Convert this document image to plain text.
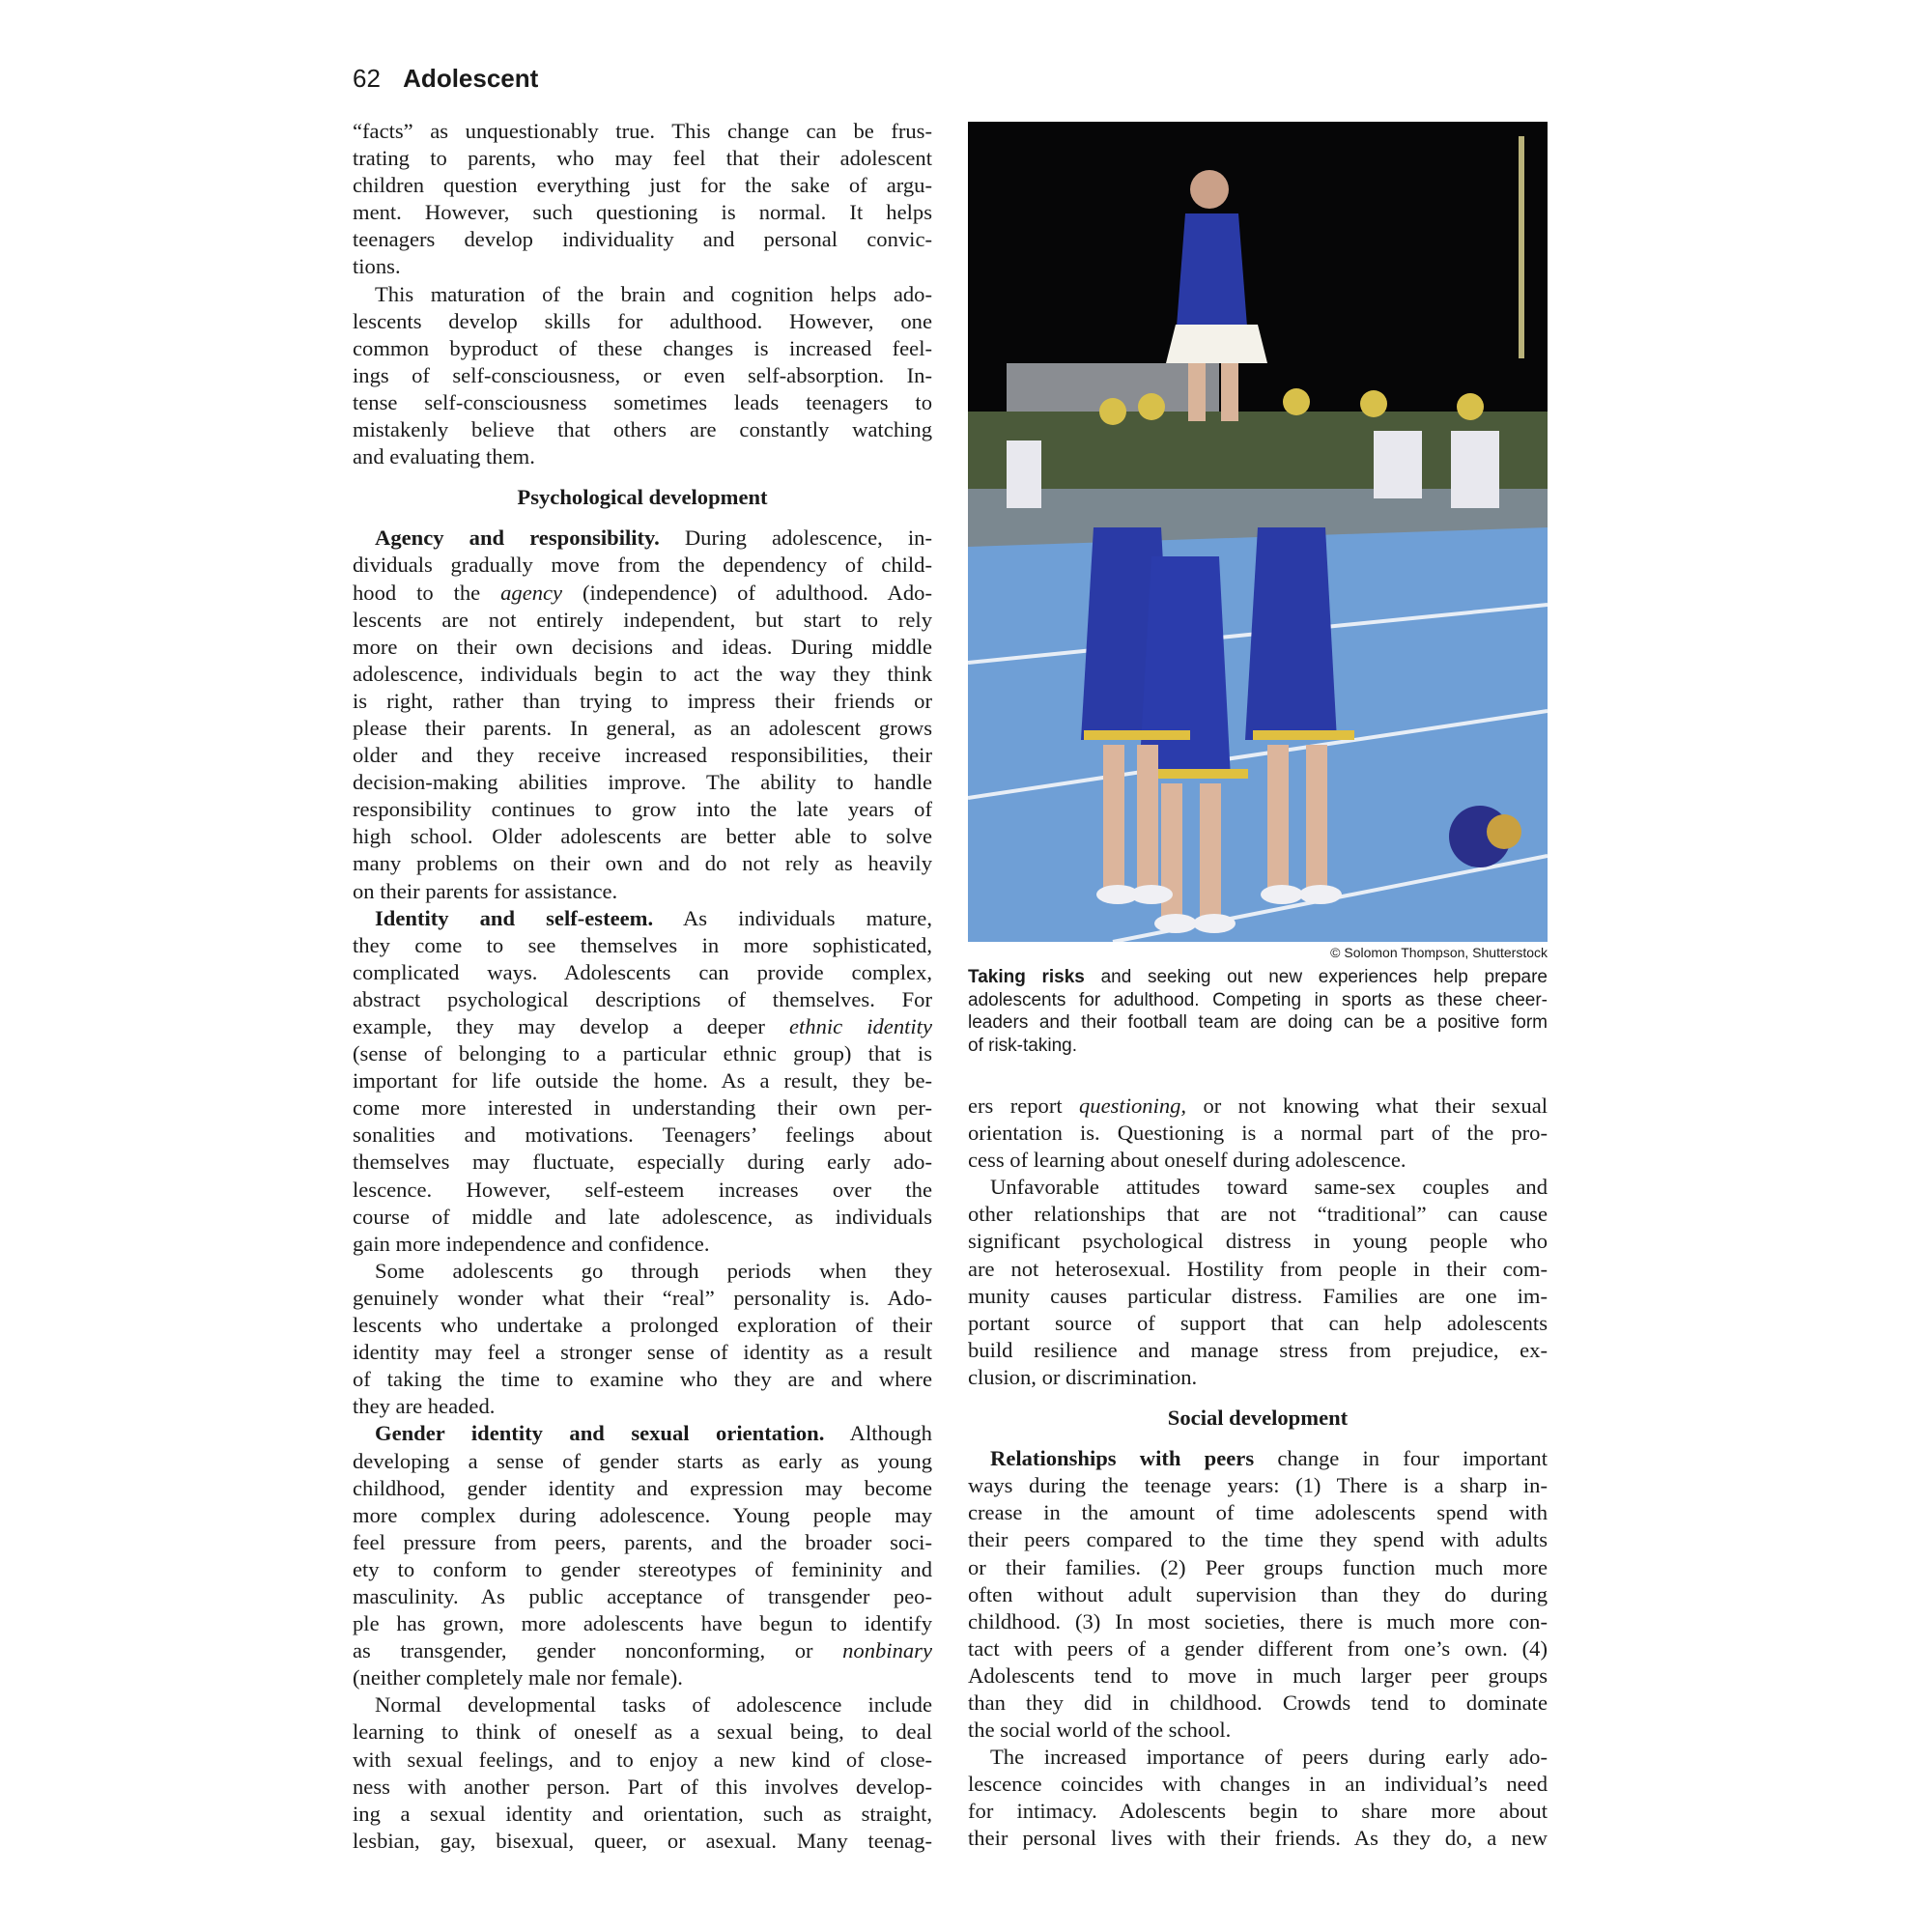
62 Adolescent
“facts” as unquestionably true. This change can be frus-
trating to parents, who may feel that their adolescent
children question everything just for the sake of argu-
ment. However, such questioning is normal. It helps
teenagers develop individuality and personal convic-
tions.
This maturation of the brain and cognition helps ado-
lescents develop skills for adulthood. However, one
common byproduct of these changes is increased feel-
ings of self-consciousness, or even self-absorption. In-
tense self-consciousness sometimes leads teenagers to
mistakenly believe that others are constantly watching
and evaluating them.
Psychological development
Agency and responsibility. During adolescence, in-
dividuals gradually move from the dependency of child-
hood to the agency (independence) of adulthood. Ado-
lescents are not entirely independent, but start to rely
more on their own decisions and ideas. During middle
adolescence, individuals begin to act the way they think
is right, rather than trying to impress their friends or
please their parents. In general, as an adolescent grows
older and they receive increased responsibilities, their
decision-making abilities improve. The ability to handle
responsibility continues to grow into the late years of
high school. Older adolescents are better able to solve
many problems on their own and do not rely as heavily
on their parents for assistance.
Identity and self-esteem. As individuals mature,
they come to see themselves in more sophisticated,
complicated ways. Adolescents can provide complex,
abstract psychological descriptions of themselves. For
example, they may develop a deeper ethnic identity
(sense of belonging to a particular ethnic group) that is
important for life outside the home. As a result, they be-
come more interested in understanding their own per-
sonalities and motivations. Teenagers’ feelings about
themselves may fluctuate, especially during early ado-
lescence. However, self-esteem increases over the
course of middle and late adolescence, as individuals
gain more independence and confidence.
Some adolescents go through periods when they
genuinely wonder what their “real” personality is. Ado-
lescents who undertake a prolonged exploration of their
identity may feel a stronger sense of identity as a result
of taking the time to examine who they are and where
they are headed.
Gender identity and sexual orientation. Although
developing a sense of gender starts as early as young
childhood, gender identity and expression may become
more complex during adolescence. Young people may
feel pressure from peers, parents, and the broader soci-
ety to conform to gender stereotypes of femininity and
masculinity. As public acceptance of transgender peo-
ple has grown, more adolescents have begun to identify
as transgender, gender nonconforming, or nonbinary
(neither completely male nor female).
Normal developmental tasks of adolescence include
learning to think of oneself as a sexual being, to deal
with sexual feelings, and to enjoy a new kind of close-
ness with another person. Part of this involves develop-
ing a sexual identity and orientation, such as straight,
lesbian, gay, bisexual, queer, or asexual. Many teenag-
© Solomon Thompson, Shutterstock
Taking risks and seeking out new experiences help prepare
adolescents for adulthood. Competing in sports as these cheer-
leaders and their football team are doing can be a positive form
of risk-taking.
ers report questioning, or not knowing what their sexual
orientation is. Questioning is a normal part of the pro-
cess of learning about oneself during adolescence.
Unfavorable attitudes toward same-sex couples and
other relationships that are not “traditional” can cause
significant psychological distress in young people who
are not heterosexual. Hostility from people in their com-
munity causes particular distress. Families are one im-
portant source of support that can help adolescents
build resilience and manage stress from prejudice, ex-
clusion, or discrimination.
Social development
Relationships with peers change in four important
ways during the teenage years: (1) There is a sharp in-
crease in the amount of time adolescents spend with
their peers compared to the time they spend with adults
or their families. (2) Peer groups function much more
often without adult supervision than they do during
childhood. (3) In most societies, there is much more con-
tact with peers of a gender different from one’s own. (4)
Adolescents tend to move in much larger peer groups
than they did in childhood. Crowds tend to dominate
the social world of the school.
The increased importance of peers during early ado-
lescence coincides with changes in an individual’s need
for intimacy. Adolescents begin to share more about
their personal lives with their friends. As they do, a new
